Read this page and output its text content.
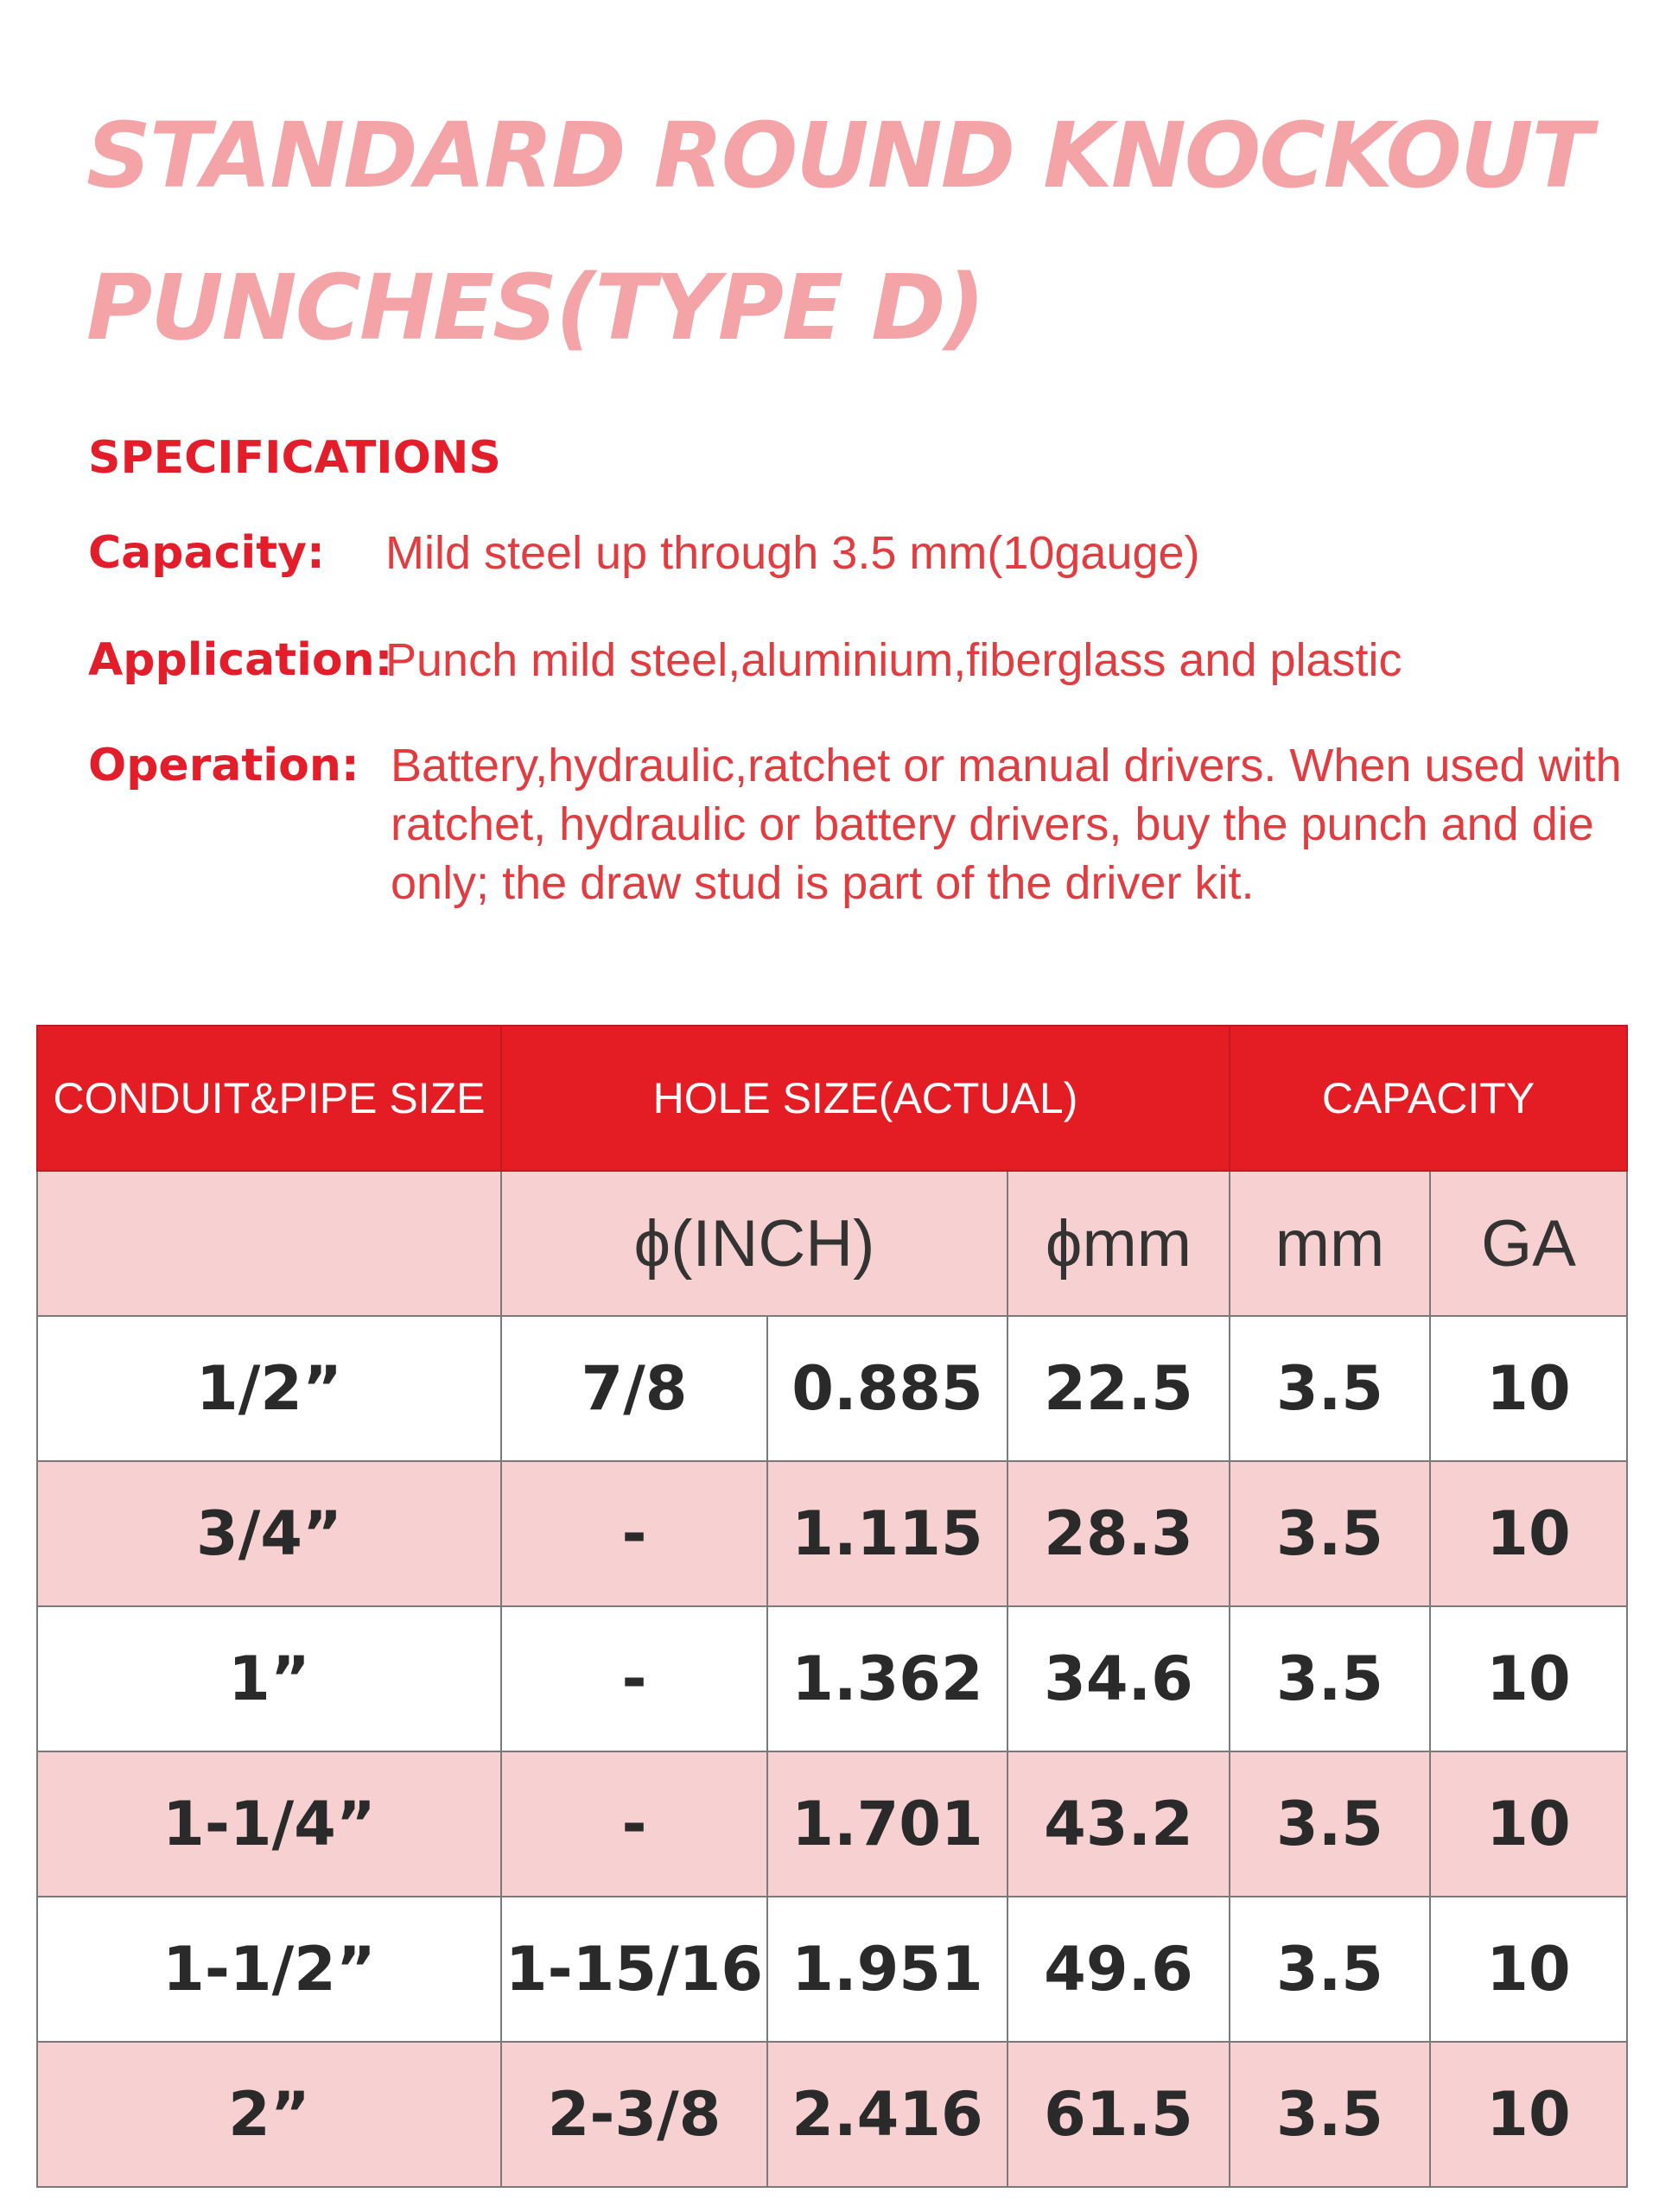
STANDARD ROUND KNOCKOUT
PUNCHES(TYPE D)
SPECIFICATIONS
Capacity: Mild steel up through 3.5 mm(10gauge)
Application:
Punch mild steel,aluminium,fiberglass and plastic
Operation: Battery,hydraulic,ratchet or manual drivers. When used with ratchet, hydraulic or battery drivers, buy the punch and die only; the draw stud is part of the driver kit.
CONDUIT&PIPE SIZE	HOLE SIZE(ACTUAL)			CAPACITY	
	ϕ(INCH)		ϕmm	mm	GA
1/2”	7/8	0.885	22.5	3.5	10
3/4”	-	1.115	28.3	3.5	10
1”	-	1.362	34.6	3.5	10
1-1/4”	-	1.701	43.2	3.5	10
1-1/2”	1-15/16	1.951	49.6	3.5	10
2”	2-3/8	2.416	61.5	3.5	10
